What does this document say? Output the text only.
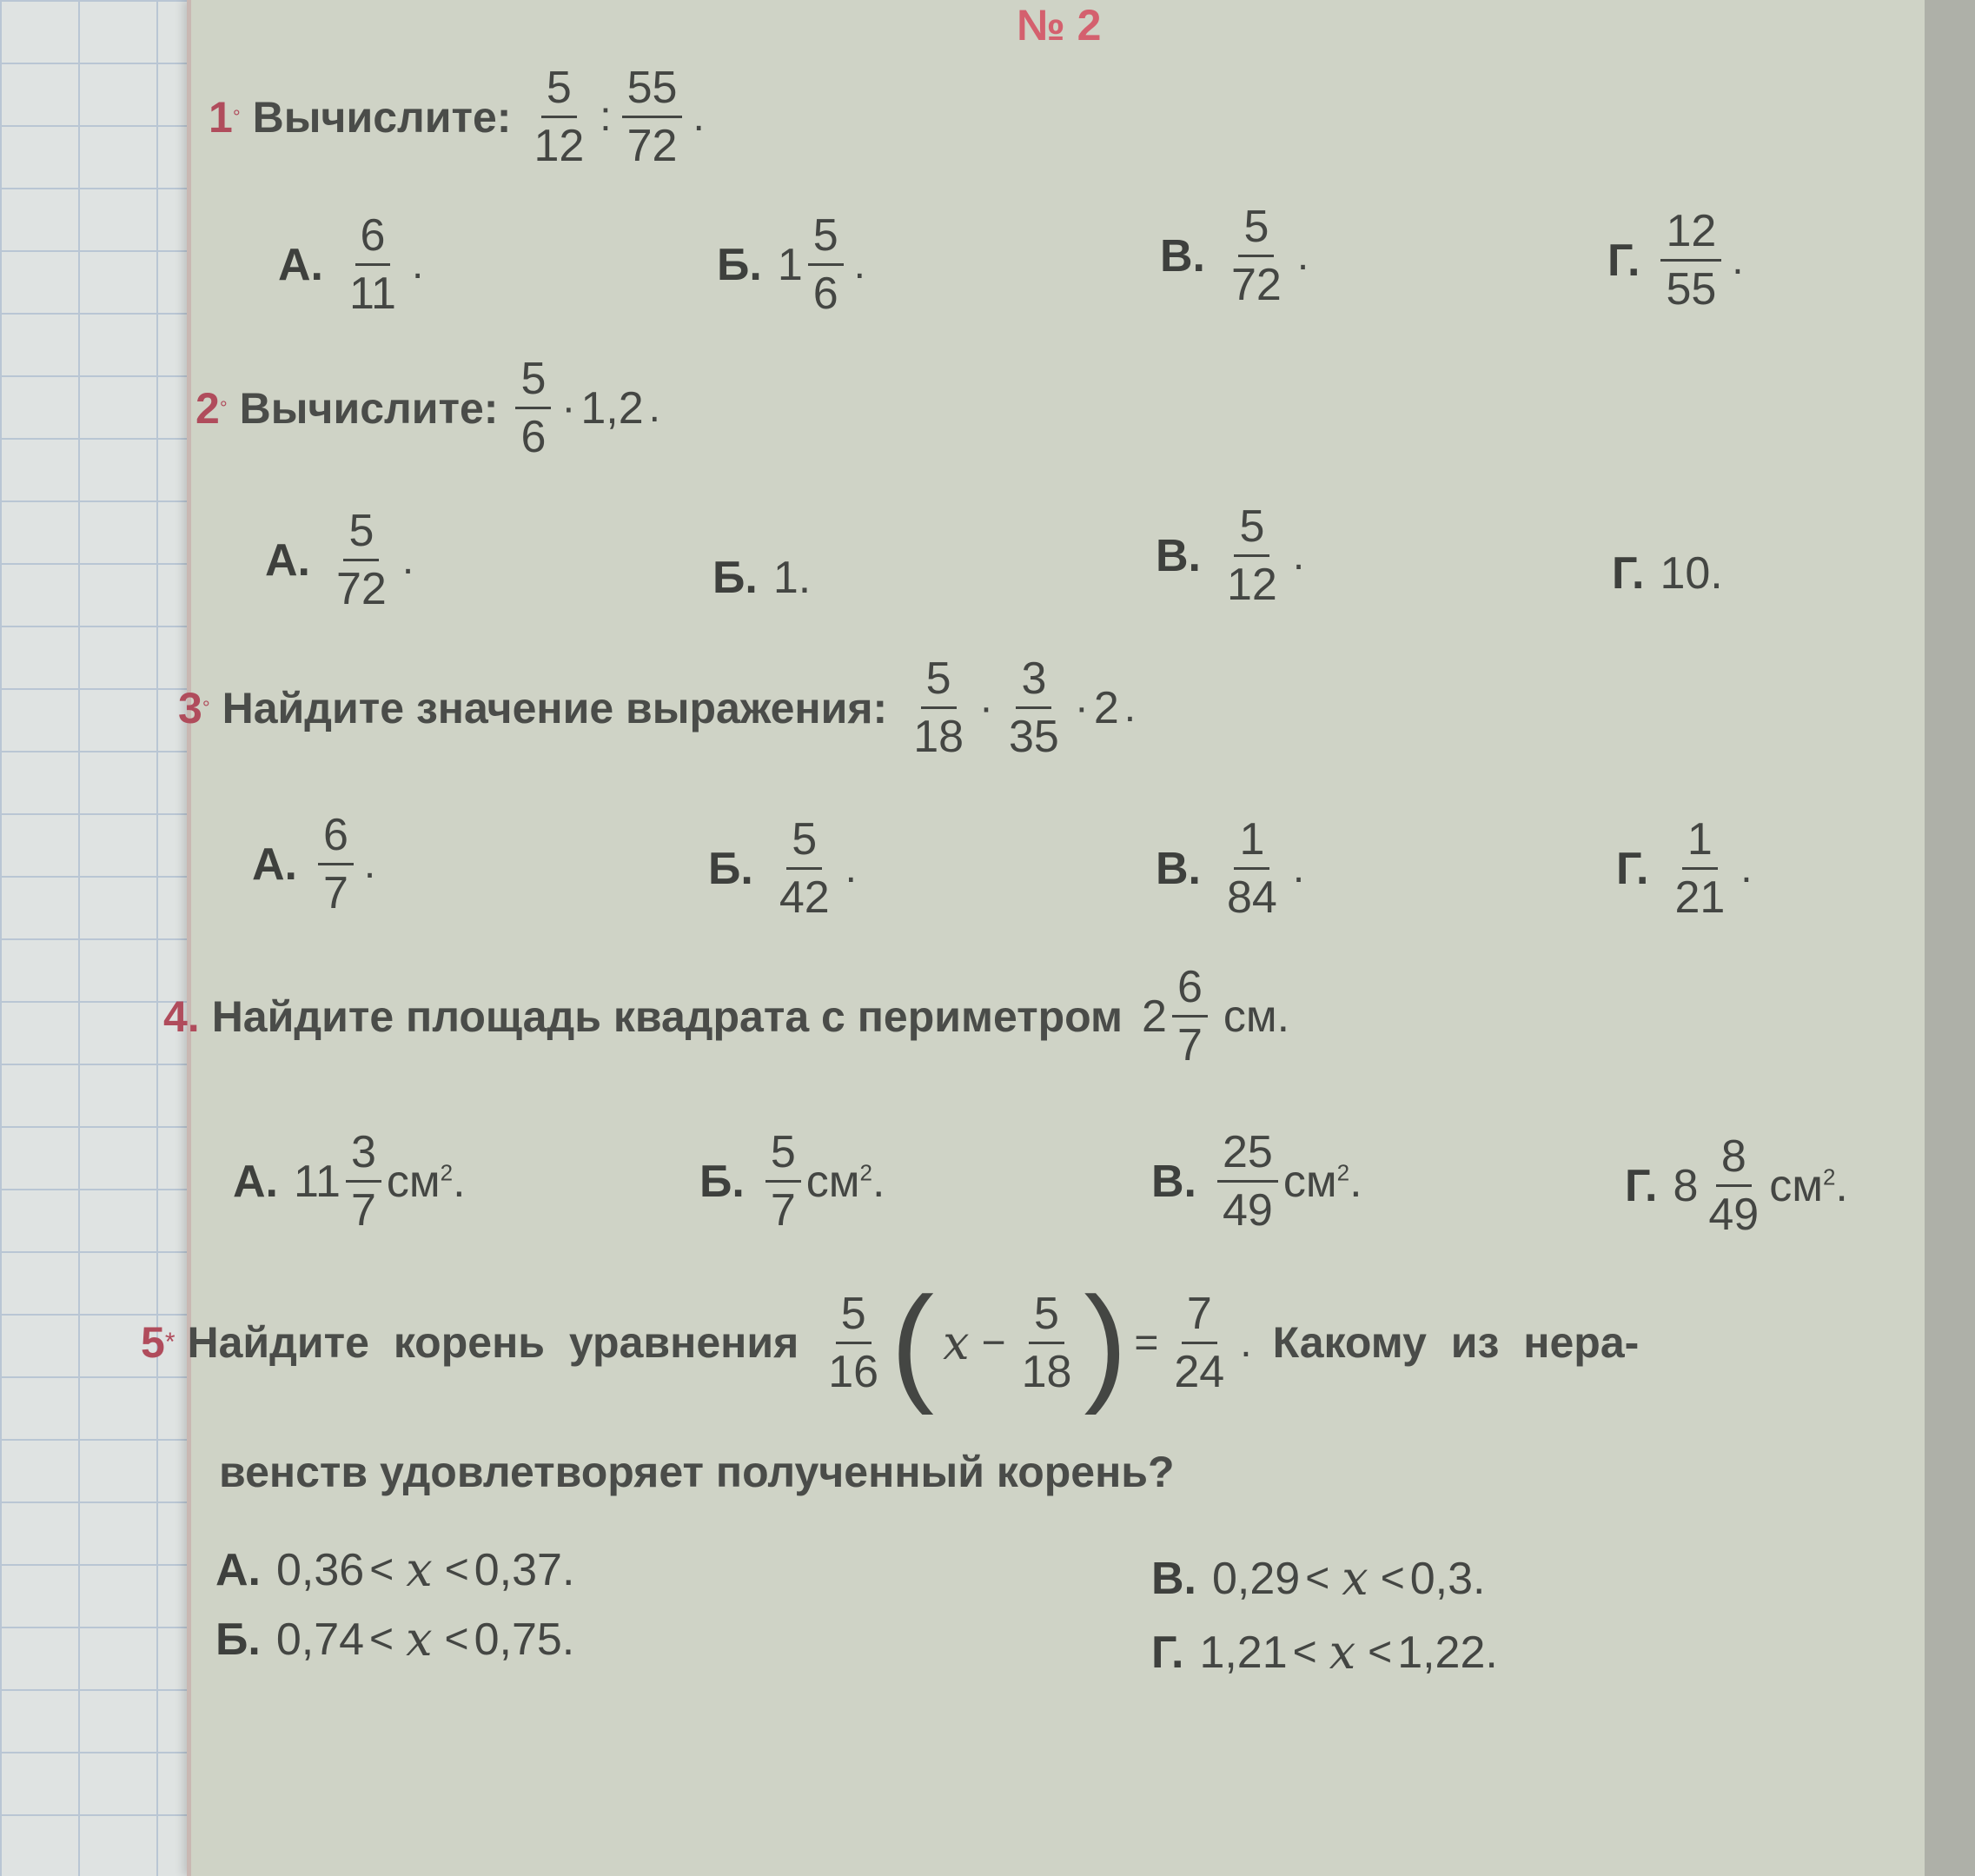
№ 2
1 ° Вычислите: $\frac{5}{12}$ : $\frac{55}{72}$ .
А. $\frac{6}{11}$ .	Б. $1 \frac{5}{6}$ .	В. $\frac{5}{72}$ .	Г. $\frac{12}{55}$ .
2 ° Вычислите: $\frac{5}{6} \cdot 1,2$ .
А. $\frac{5}{72}$ .	Б. 1.	В. $\frac{5}{12}$ .	Г. 10.
3 ° Найдите значение выражения: $\frac{5}{18} \cdot \frac{3}{35} \cdot 2$ .
А. $\frac{6}{7}$ .	Б. $\frac{5}{42}$ .	В. $\frac{1}{84}$ .	Г. $\frac{1}{21}$ .
4. Найдите площадь квадрата с периметром $2 \frac{6}{7}$ см.
А. $11 \frac{3}{7} см^2$.	Б. $\frac{5}{7} см^2$.	В. $\frac{25}{49} см^2$.	Г. $8 \frac{8}{49} см^2$.
5 * Найдите корень уравнения $\frac{5}{16}$ ( $x - \frac{5}{18}$ ) = $\frac{7}{24}$ . Какому из нера-
венств удовлетворяет полученный корень?
А. 0,36 < x < 0,37.
Б. 0,74 < x < 0,75.
В. 0,29 < x < 0,3.
Г. 1,21 < x < 1,22.
